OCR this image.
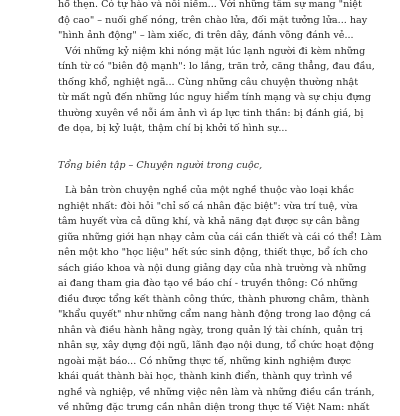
hổ thẹn. Có tự hào và nỗi niềm... Với những tâm sự mang "niệt
độ cao" – nuối ghế nóng, trên chào lửa, đối mặt tưởng lửa... hay
"hình ảnh động" – làm xiếc, đi trên dây, đánh võng đánh vẻ...
Với những kỷ niệm khi nóng mặt lúc lạnh người đi kèm những
tính từ có "biên độ mạnh": lo lắng, trăn trở, căng thẳng, đau đầu,
thống khổ, nghiệt ngã... Cùng những câu chuyện thường nhật
từ mất ngủ đến những lúc nguy hiểm tính mạng và sự chịu đựng
thường xuyên về nỗi ám ảnh vì áp lực tinh thần: bị đánh giá, bị
đe dọa, bị kỷ luật, thậm chí bị khởi tố hình sự...
Tổng biên tập – Chuyện người trong cuộc,
Là bản tròn chuyện nghề của một nghề thuộc vào loại khắc
nghiệt nhất: đòi hỏi "chỉ số cá nhân đặc biệt": vừa trí tuệ, vừa
tâm huyết vừa cả dũng khí, và khả năng đạt được sự cân bằng
giữa những giới hạn nhạy cảm của cái cần thiết và cái có thể! Làm
nên một kho "học liệu" hết sức sinh động, thiết thực, bổ ích cho
sách giáo khoa và nội dung giảng dạy của nhà trường và những
ai đang tham gia đào tạo về báo chí - truyền thông: Có những
điều được tổng kết thành công thức, thành phương châm, thành
"khẩu quyết" như những cẩm nang hành động trong lao động cá
nhân và điều hành hằng ngày, trong quản lý tài chính, quản trị
nhân sự, xây dựng đội ngũ, lãnh đạo nội dung, tổ chức hoạt động
ngoài mặt báo... Có những thực tế, những kinh nghiệm được
khái quát thành bài học, thành kinh điển, thành quy trình về
nghề và nghiệp, về những việc nên làm và những điều cần tránh,
về những đặc trưng cần nhân diện trong thực tế Việt Nam: nhất
